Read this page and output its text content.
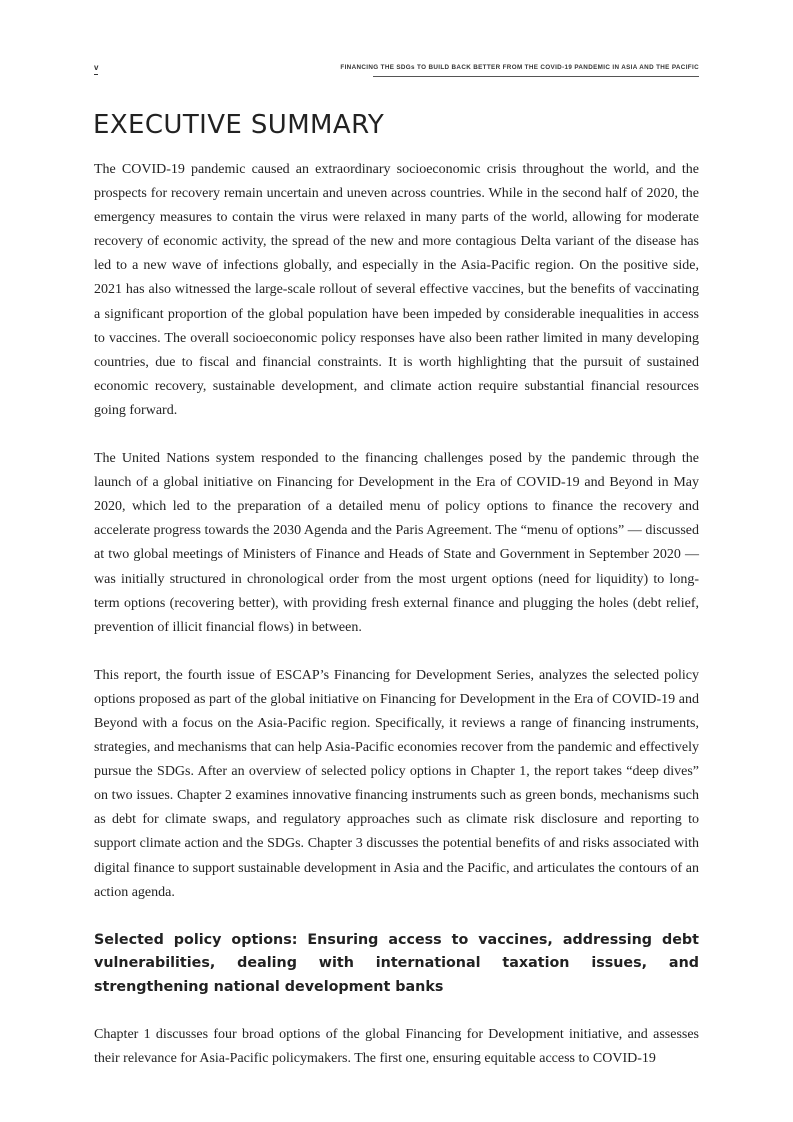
v	FINANCING THE SDGs TO BUILD BACK BETTER FROM THE COVID-19 PANDEMIC IN ASIA AND THE PACIFIC
EXECUTIVE SUMMARY

The COVID-19 pandemic caused an extraordinary socioeconomic crisis throughout the world, and the prospects for recovery remain uncertain and uneven across countries. While in the second half of 2020, the emergency measures to contain the virus were relaxed in many parts of the world, allowing for moderate recovery of economic activity, the spread of the new and more contagious Delta variant of the disease has led to a new wave of infections globally, and especially in the Asia-Pacific region. On the positive side, 2021 has also witnessed the large-scale rollout of several effective vaccines, but the benefits of vaccinating a significant proportion of the global population have been impeded by considerable inequalities in access to vaccines. The overall socioeconomic policy responses have also been rather limited in many developing countries, due to fiscal and financial constraints. It is worth highlighting that the pursuit of sustained economic recovery, sustainable development, and climate action require substantial financial resources going forward.

The United Nations system responded to the financing challenges posed by the pandemic through the launch of a global initiative on Financing for Development in the Era of COVID-19 and Beyond in May 2020, which led to the preparation of a detailed menu of policy options to finance the recovery and accelerate progress towards the 2030 Agenda and the Paris Agreement. The “menu of options” — discussed at two global meetings of Ministers of Finance and Heads of State and Government in September 2020 — was initially structured in chronological order from the most urgent options (need for liquidity) to long-term options (recovering better), with providing fresh external finance and plugging the holes (debt relief, prevention of illicit financial flows) in between.

This report, the fourth issue of ESCAP’s Financing for Development Series, analyzes the selected policy options proposed as part of the global initiative on Financing for Development in the Era of COVID-19 and Beyond with a focus on the Asia-Pacific region. Specifically, it reviews a range of financing instruments, strategies, and mechanisms that can help Asia-Pacific economies recover from the pandemic and effectively pursue the SDGs. After an overview of selected policy options in Chapter 1, the report takes “deep dives” on two issues. Chapter 2 examines innovative financing instruments such as green bonds, mechanisms such as debt for climate swaps, and regulatory approaches such as climate risk disclosure and reporting to support climate action and the SDGs. Chapter 3 discusses the potential benefits of and risks associated with digital finance to support sustainable development in Asia and the Pacific, and articulates the contours of an action agenda.

Selected policy options: Ensuring access to vaccines, addressing debt vulnerabilities, dealing with international taxation issues, and strengthening national development banks

Chapter 1 discusses four broad options of the global Financing for Development initiative, and assesses their relevance for Asia-Pacific policymakers. The first one, ensuring equitable access to COVID-19
